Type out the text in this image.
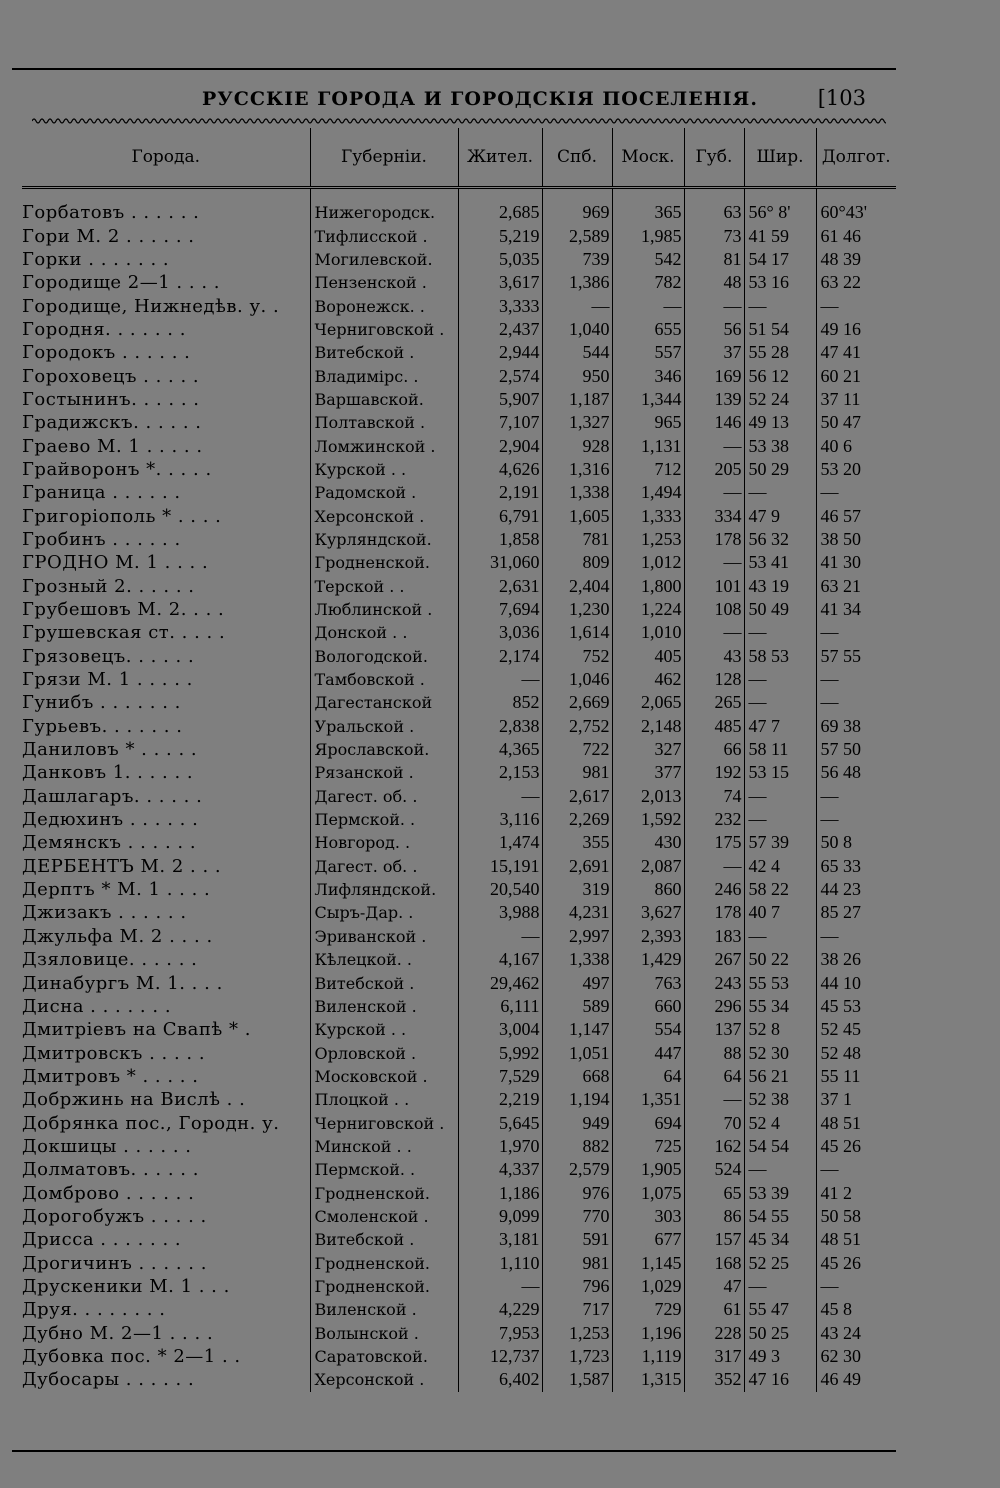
РУССКIЕ ГОРОДА И ГОРОДСКIЯ ПОСЕЛЕНIЯ.	[103
Города.	Губернiи.	Жител.	Спб.	Моск.	Губ.	Шир.	Долгот.
Горбатовъ . . . . . .	Нижегородск.	2,685	969	365	63	56° 8'	60°43'
Гори М. 2 . . . . . .	Тифлисской .	5,219	2,589	1,985	73	41 59	61 46
Горки . . . . . . .	Могилевской.	5,035	739	542	81	54 17	48 39
Городище 2—1 . . . .	Пензенской .	3,617	1,386	782	48	53 16	63 22
Городище, Нижнедѣв. у. .	Воронежск. .	3,333	—	—	—	—	—
Городня. . . . . . .	Черниговской .	2,437	1,040	655	56	51 54	49 16
Городокъ . . . . . .	Витебской .	2,944	544	557	37	55 28	47 41
Гороховецъ . . . . .	Владимiрс. .	2,574	950	346	169	56 12	60 21
Гостынинъ. . . . . .	Варшавской.	5,907	1,187	1,344	139	52 24	37 11
Градижскъ. . . . . .	Полтавской .	7,107	1,327	965	146	49 13	50 47
Граево М. 1 . . . . .	Ломжинской .	2,904	928	1,131	—	53 38	40 6
Грайворонъ *. . . . .	Курской . .	4,626	1,316	712	205	50 29	53 20
Граница . . . . . .	Радомской .	2,191	1,338	1,494	—	—	—
Григорiополь * . . . .	Херсонской .	6,791	1,605	1,333	334	47 9	46 57
Гробинъ . . . . . .	Курляндской.	1,858	781	1,253	178	56 32	38 50
ГРОДНО М. 1 . . . .	Гродненской.	31,060	809	1,012	—	53 41	41 30
Грозный 2. . . . . .	Терской . .	2,631	2,404	1,800	101	43 19	63 21
Грубешовъ М. 2. . . .	Люблинской .	7,694	1,230	1,224	108	50 49	41 34
Грушевская ст. . . . .	Донской . .	3,036	1,614	1,010	—	—	—
Грязовецъ. . . . . .	Вологодской.	2,174	752	405	43	58 53	57 55
Грязи М. 1 . . . . .	Тамбовской .	—	1,046	462	128	—	—
Гунибъ . . . . . . .	Дагестанской	852	2,669	2,065	265	—	—
Гурьевъ. . . . . . .	Уральской .	2,838	2,752	2,148	485	47 7	69 38
Даниловъ * . . . . .	Ярославской.	4,365	722	327	66	58 11	57 50
Данковъ 1. . . . . .	Рязанской .	2,153	981	377	192	53 15	56 48
Дашлагаръ. . . . . .	Дагест. об. .	—	2,617	2,013	74	—	—
Дедюхинъ . . . . . .	Пермской. .	3,116	2,269	1,592	232	—	—
Демянскъ . . . . . .	Новгород. .	1,474	355	430	175	57 39	50 8
ДЕРБЕНТЪ М. 2 . . .	Дагест. об. .	15,191	2,691	2,087	—	42 4	65 33
Дерптъ * М. 1 . . . .	Лифляндской.	20,540	319	860	246	58 22	44 23
Джизакъ . . . . . .	Сыръ-Дар. .	3,988	4,231	3,627	178	40 7	85 27
Джульфа М. 2 . . . .	Эриванской .	—	2,997	2,393	183	—	—
Дзяловице. . . . . .	Кѣлецкой. .	4,167	1,338	1,429	267	50 22	38 26
Динабургъ М. 1. . . .	Витебской .	29,462	497	763	243	55 53	44 10
Дисна . . . . . . .	Виленской .	6,111	589	660	296	55 34	45 53
Дмитрiевъ на Свапѣ * .	Курской . .	3,004	1,147	554	137	52 8	52 45
Дмитровскъ . . . . .	Орловской .	5,992	1,051	447	88	52 30	52 48
Дмитровъ * . . . . .	Московской .	7,529	668	64	64	56 21	55 11
Добржинь на Вислѣ . .	Плоцкой . .	2,219	1,194	1,351	—	52 38	37 1
Добрянка пос., Городн. у.	Черниговской .	5,645	949	694	70	52 4	48 51
Докшицы . . . . . .	Минской . .	1,970	882	725	162	54 54	45 26
Долматовъ. . . . . .	Пермской. .	4,337	2,579	1,905	524	—	—
Домброво . . . . . .	Гродненской.	1,186	976	1,075	65	53 39	41 2
Дорогобужъ . . . . .	Смоленской .	9,099	770	303	86	54 55	50 58
Дрисса . . . . . . .	Витебской .	3,181	591	677	157	45 34	48 51
Дрогичинъ . . . . . .	Гродненской.	1,110	981	1,145	168	52 25	45 26
Друскеники М. 1 . . .	Гродненской.	—	796	1,029	47	—	—
Друя. . . . . . . .	Виленской .	4,229	717	729	61	55 47	45 8
Дубно М. 2—1 . . . .	Волынской .	7,953	1,253	1,196	228	50 25	43 24
Дубовка пос. * 2—1 . .	Саратовской.	12,737	1,723	1,119	317	49 3	62 30
Дубосары . . . . . .	Херсонской .	6,402	1,587	1,315	352	47 16	46 49
